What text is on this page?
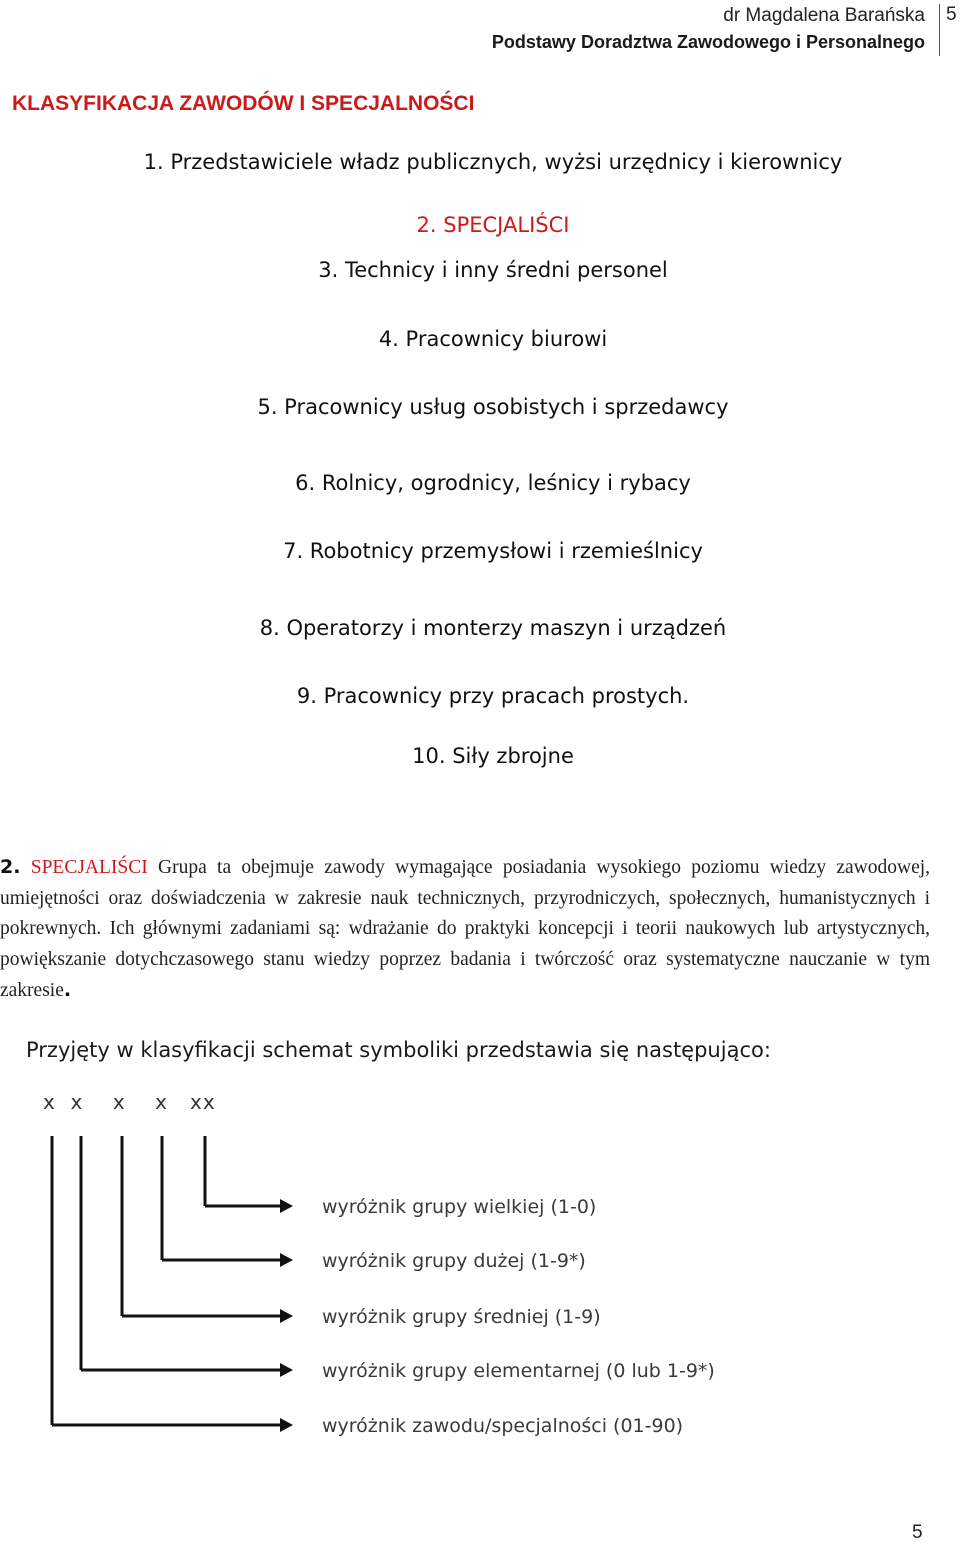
dr Magdalena Barańska
Podstawy Doradztwa Zawodowego i Personalnego
5
KLASYFIKACJA ZAWODÓW I SPECJALNOŚCI
1. Przedstawiciele władz publicznych, wyżsi urzędnicy i kierownicy
2. SPECJALIŚCI
3. Technicy i inny średni personel
4. Pracownicy biurowi
5. Pracownicy usług osobistych i sprzedawcy
6. Rolnicy, ogrodnicy, leśnicy i rybacy
7. Robotnicy przemysłowi i rzemieślnicy
8. Operatorzy i monterzy maszyn i urządzeń
9. Pracownicy przy pracach prostych.
10. Siły zbrojne
2. SPECJALIŚCI Grupa ta obejmuje zawody wymagające posiadania wysokiego poziomu wiedzy zawodowej, umiejętności oraz doświadczenia w zakresie nauk technicznych, przyrodniczych, społecznych, humanistycznych i pokrewnych. Ich głównymi zadaniami są: wdrażanie do praktyki koncepcji i teorii naukowych lub artystycznych, powiększanie dotychczasowego stanu wiedzy poprzez badania i twórczość oraz systematyczne nauczanie w tym zakresie.
Przyjęty w klasyfikacji schemat symboliki przedstawia się następująco:
x  x    x    x   xx
wyróżnik grupy wielkiej (1-0)
wyróżnik grupy dużej (1-9*)
wyróżnik grupy średniej (1-9)
wyróżnik grupy elementarnej (0 lub 1-9*)
wyróżnik zawodu/specjalności (01-90)
5
